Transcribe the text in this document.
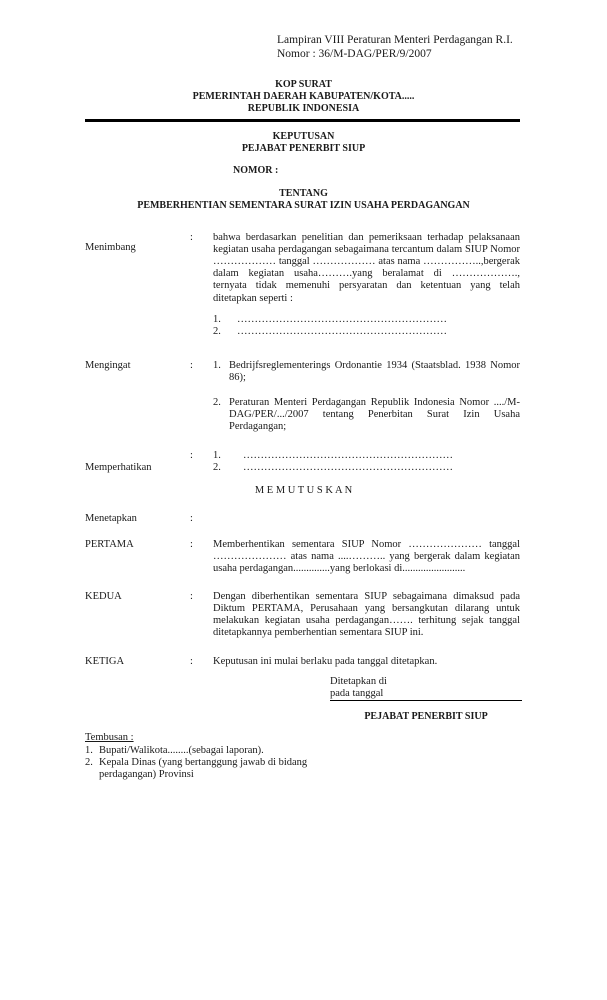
Lampiran VIII Peraturan Menteri Perdagangan R.I.
Nomor : 36/M-DAG/PER/9/2007
KOP SURAT
PEMERINTAH DAERAH KABUPATEN/KOTA.....
REPUBLIK INDONESIA
KEPUTUSAN
PEJABAT PENERBIT SIUP
NOMOR :
TENTANG
PEMBERHENTIAN SEMENTARA SURAT IZIN USAHA PERDAGANGAN
Menimbang
:	bahwa berdasarkan penelitian dan pemeriksaan terhadap pelaksanaan kegiatan usaha perdagangan sebagaimana tercantum dalam SIUP Nomor ……………… tanggal ……………… atas nama ……………..,bergerak dalam kegiatan usaha……….yang beralamat di ………………., ternyata tidak memenuhi persyaratan dan ketentuan yang telah ditetapkan seperti :
1.	……………………………………………………
2.	……………………………………………………
Mengingat	:	1. Bedrijfsreglementerings Ordonantie 1934 (Staatsblad. 1938 Nomor 86);
2. Peraturan Menteri Perdagangan Republik Indonesia Nomor ..../M-DAG/PER/.../2007 tentang Penerbitan Surat Izin Usaha Perdagangan;
:	1.	……………………………………………………
Memperhatikan	2.	……………………………………………………
M E M U T U S K A N
Menetapkan	:
PERTAMA	:	Memberhentikan sementara SIUP Nomor ………………… tanggal ………………… atas nama ....……….. yang bergerak dalam kegiatan usaha perdagangan..............yang berlokasi di........................
KEDUA	:	Dengan diberhentikan sementara SIUP sebagaimana dimaksud pada Diktum PERTAMA, Perusahaan yang bersangkutan dilarang untuk melakukan kegiatan usaha perdagangan……. terhitung sejak tanggal ditetapkannya pemberhentian sementara SIUP ini.
KETIGA	:	Keputusan ini mulai berlaku pada tanggal ditetapkan.
Ditetapkan di
pada tanggal
PEJABAT PENERBIT SIUP
Tembusan :
1. Bupati/Walikota........(sebagai laporan).
2. Kepala Dinas (yang bertanggung jawab di bidang perdagangan) Provinsi
